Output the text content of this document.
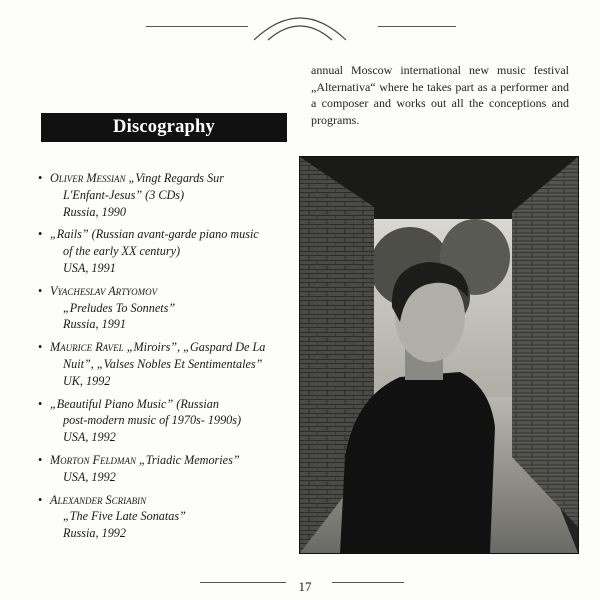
annual Moscow international new music festival „Alternativa“ where he takes part as a performer and a composer and works out all the conceptions and programs.
Discography
• Oliver Messian „Vingt Regards Sur
L'Enfant-Jesus” (3 CDs)
Russia, 1990
• „Rails” (Russian avant-garde piano music
of the early XX century)
USA, 1991
• Vyacheslav Artyomov
„Preludes To Sonnets”
Russia, 1991
• Maurice Ravel „Miroirs”, „Gaspard De La
Nuit”, „Valses Nobles Et Sentimentales”
UK, 1992
• „Beautiful Piano Music” (Russian
post-modern music of 1970s- 1990s)
USA, 1992
• Morton Feldman „Triadic Memories”
USA, 1992
• Alexander Scriabin
„The Five Late Sonatas”
Russia, 1992
17
